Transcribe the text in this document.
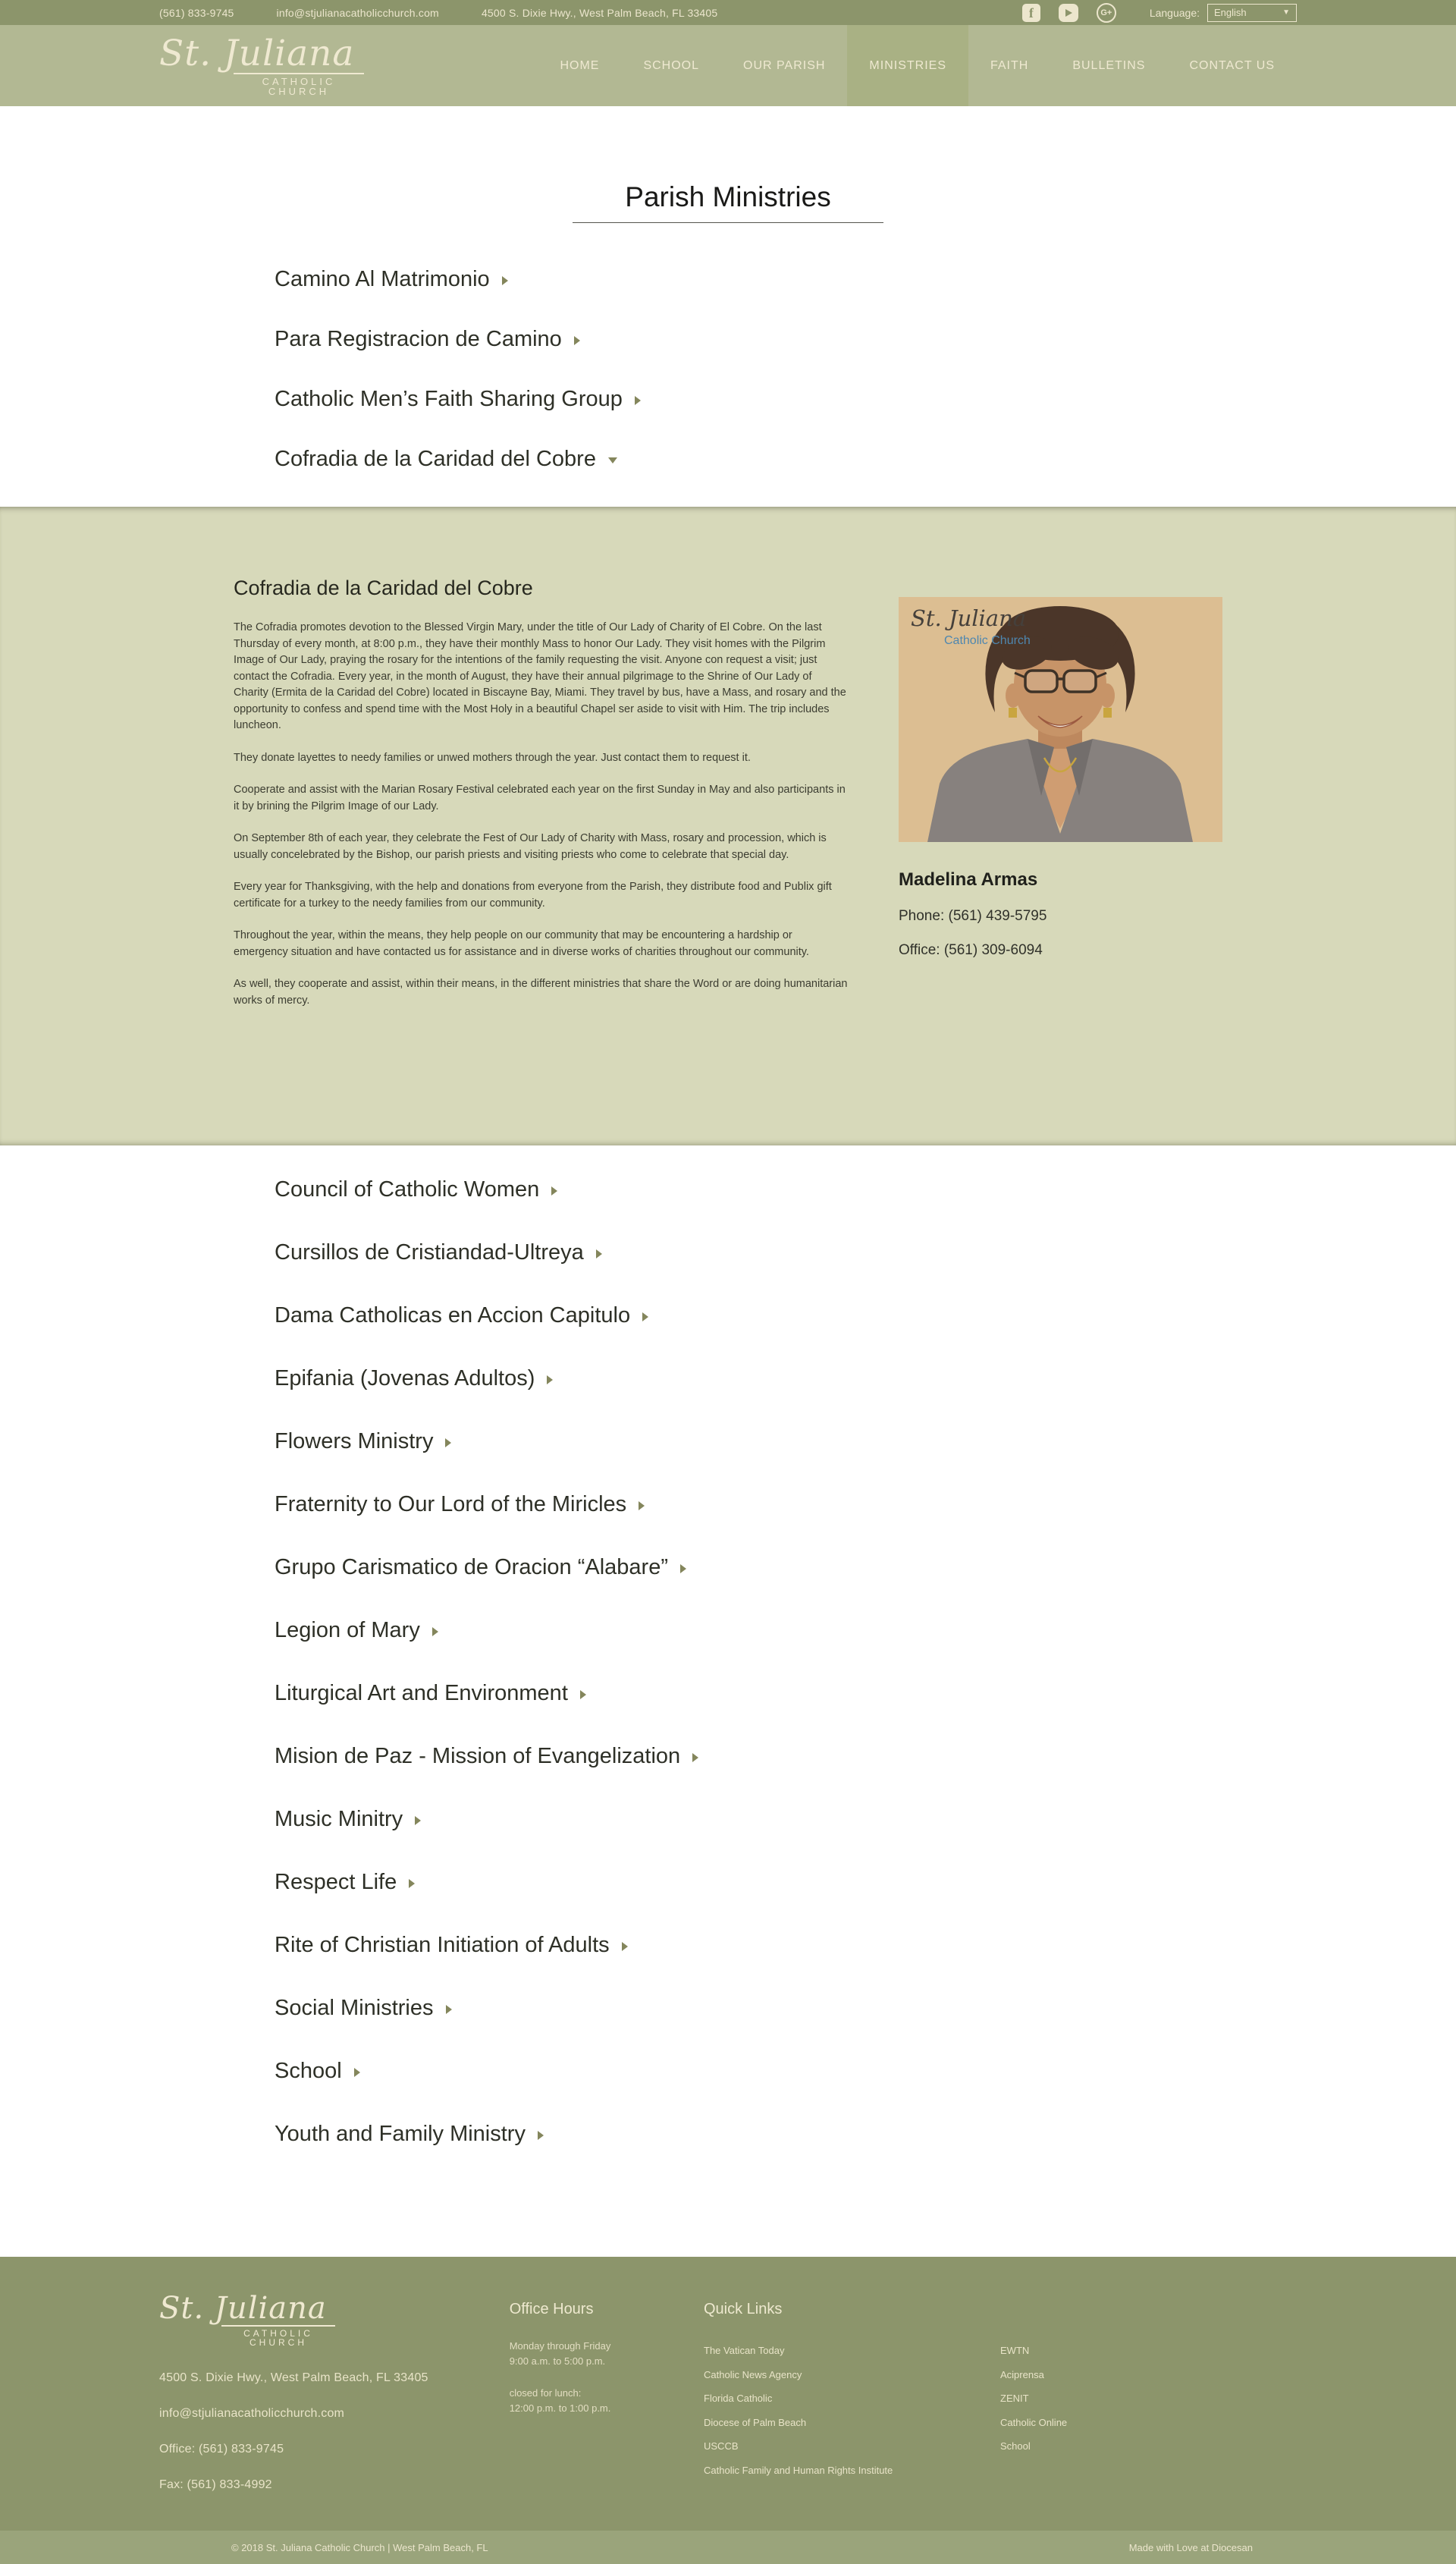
(561) 833-9745	info@stjulianacatholicchurch.com	4500 S. Dixie Hwy., West Palm Beach, FL 33405	f	G+	Language: English	▼
St. Juliana
CATHOLIC CHURCH
HOME	SCHOOL	OUR PARISH	MINISTRIES	FAITH	BULLETINS	CONTACT US
Parish Ministries
Camino Al Matrimonio
Para Registracion de Camino
Catholic Men’s Faith Sharing Group
Cofradia de la Caridad del Cobre
Cofradia de la Caridad del Cobre

The Cofradia promotes devotion to the Blessed Virgin Mary, under the title of Our Lady of Charity of El Cobre. On the last Thursday of every month, at 8:00 p.m., they have their monthly Mass to honor Our Lady. They visit homes with the Pilgrim Image of Our Lady, praying the rosary for the intentions of the family requesting the visit. Anyone con request a visit; just contact the Cofradia. Every year, in the month of August, they have their annual pilgrimage to the Shrine of Our Lady of Charity (Ermita de la Caridad del Cobre) located in Biscayne Bay, Miami. They travel by bus, have a Mass, and rosary and the opportunity to confess and spend time with the Most Holy in a beautiful Chapel ser aside to visit with Him. The trip includes luncheon.

They donate layettes to needy families or unwed mothers through the year. Just contact them to request it.

Cooperate and assist with the Marian Rosary Festival celebrated each year on the first Sunday in May and also participants in it by brining the Pilgrim Image of our Lady.

On September 8th of each year, they celebrate the Fest of Our Lady of Charity with Mass, rosary and procession, which is usually concelebrated by the Bishop, our parish priests and visiting priests who come to celebrate that special day.

Every year for Thanksgiving, with the help and donations from everyone from the Parish, they distribute food and Publix gift certificate for a turkey to the needy families from our community.

Throughout the year, within the means, they help people on our community that may be encountering a hardship or emergency situation and have contacted us for assistance and in diverse works of charities throughout our community.

As well, they cooperate and assist, within their means, in the different ministries that share the Word or are doing humanitarian works of mercy.

St. Juliana
Catholic Church
Madelina Armas
Phone: (561) 439-5795
Office: (561) 309-6094
Council of Catholic Women
Cursillos de Cristiandad-Ultreya
Dama Catholicas en Accion Capitulo
Epifania (Jovenas Adultos)
Flowers Ministry
Fraternity to Our Lord of the Miricles
Grupo Carismatico de Oracion “Alabare”
Legion of Mary
Liturgical Art and Environment
Mision de Paz - Mission of Evangelization
Music Minitry
Respect Life
Rite of Christian Initiation of Adults
Social Ministries
School
Youth and Family Ministry
St. Juliana
CATHOLIC CHURCH
4500 S. Dixie Hwy., West Palm Beach, FL 33405
info@stjulianacatholicchurch.com
Office: (561) 833-9745
Fax: (561) 833-4992
Office Hours
Monday through Friday
9:00 a.m. to 5:00 p.m.
closed for lunch:
12:00 p.m. to 1:00 p.m.
Quick Links
The Vatican Today
Catholic News Agency
Florida Catholic
Diocese of Palm Beach
USCCB
Catholic Family and Human Rights Institute
EWTN
Aciprensa
ZENIT
Catholic Online
School
© 2018 St. Juliana Catholic Church | West Palm Beach, FL	Made with Love at Diocesan
